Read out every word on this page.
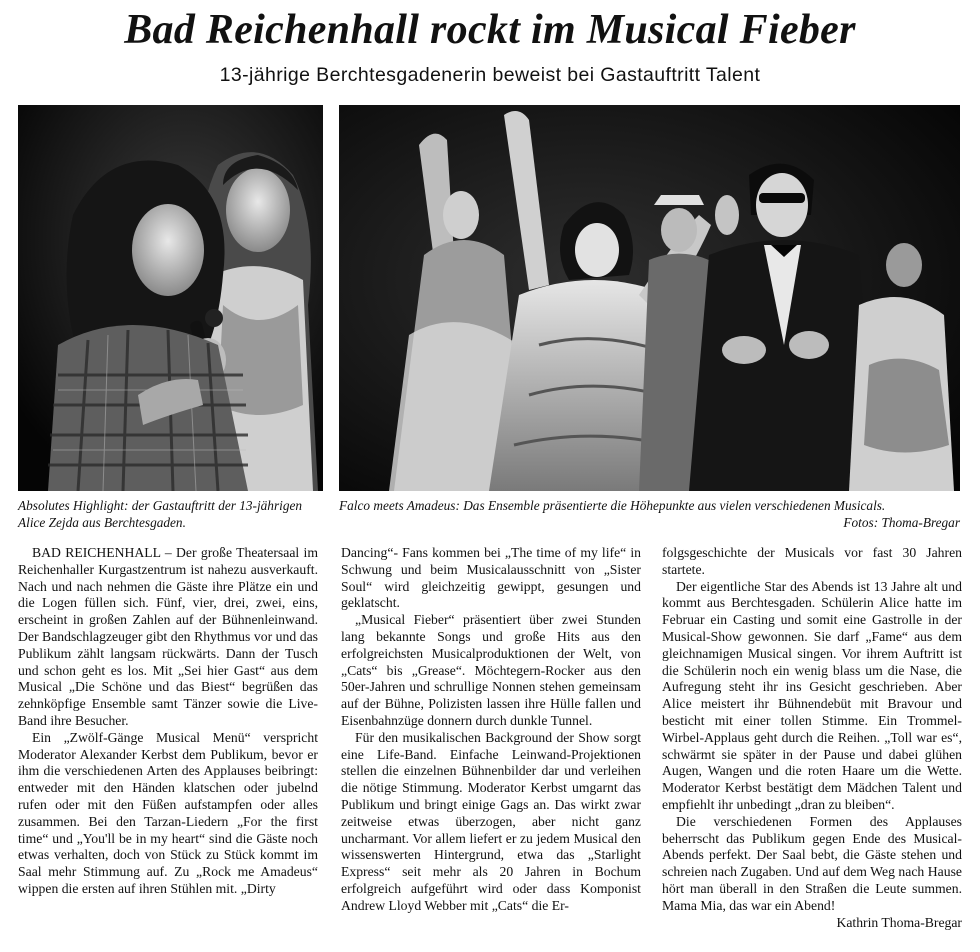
Bad Reichenhall rockt im Musical Fieber
13-jährige Berchtesgadenerin beweist bei Gastauftritt Talent
Absolutes Highlight: der Gastauftritt der 13-jährigen Alice Zejda aus Berchtesgaden.
Falco meets Amadeus: Das Ensemble präsentierte die Höhepunkte aus vielen verschiedenen Musicals.
Fotos: Thoma-Bregar

BAD REICHENHALL – Der große Theatersaal im Reichenhaller Kurgastzentrum ist nahezu ausverkauft. Nach und nach nehmen die Gäste ihre Plätze ein und die Logen füllen sich. Fünf, vier, drei, zwei, eins, erscheint in großen Zahlen auf der Bühnenleinwand. Der Bandschlagzeuger gibt den Rhythmus vor und das Publikum zählt langsam rückwärts. Dann der Tusch und schon geht es los. Mit „Sei hier Gast“ aus dem Musical „Die Schöne und das Biest“ begrüßen das zehnköpfige Ensemble samt Tänzer sowie die Live-Band ihre Besucher.

Ein „Zwölf-Gänge Musical Menü“ verspricht Moderator Alexander Kerbst dem Publikum, bevor er ihm die verschiedenen Arten des Applauses beibringt: entweder mit den Händen klatschen oder jubelnd rufen oder mit den Füßen aufstampfen oder alles zusammen. Bei den Tarzan-Liedern „For the first time“ und „You'll be in my heart“ sind die Gäste noch etwas verhalten, doch von Stück zu Stück kommt im Saal mehr Stimmung auf. Zu „Rock me Amadeus“ wippen die ersten auf ihren Stühlen mit. „Dirty

Dancing“- Fans kommen bei „The time of my life“ in Schwung und beim Musicalausschnitt von „Sister Soul“ wird gleichzeitig gewippt, gesungen und geklatscht.

„Musical Fieber“ präsentiert über zwei Stunden lang bekannte Songs und große Hits aus den erfolgreichsten Musicalproduktionen der Welt, von „Cats“ bis „Grease“. Möchtegern-Rocker aus den 50er-Jahren und schrullige Nonnen stehen gemeinsam auf der Bühne, Polizisten lassen ihre Hülle fallen und Eisenbahnzüge donnern durch dunkle Tunnel.

Für den musikalischen Background der Show sorgt eine Life-Band. Einfache Leinwand-Projektionen stellen die einzelnen Bühnenbilder dar und verleihen die nötige Stimmung. Moderator Kerbst umgarnt das Publikum und bringt einige Gags an. Das wirkt zwar zeitweise etwas überzogen, aber nicht ganz uncharmant. Vor allem liefert er zu jedem Musical den wissenswerten Hintergrund, etwa das „Starlight Express“ seit mehr als 20 Jahren in Bochum erfolgreich aufgeführt wird oder dass Komponist Andrew Lloyd Webber mit „Cats“ die Er-

folgsgeschichte der Musicals vor fast 30 Jahren startete.

Der eigentliche Star des Abends ist 13 Jahre alt und kommt aus Berchtesgaden. Schülerin Alice hatte im Februar ein Casting und somit eine Gastrolle in der Musical-Show gewonnen. Sie darf „Fame“ aus dem gleichnamigen Musical singen. Vor ihrem Auftritt ist die Schülerin noch ein wenig blass um die Nase, die Aufregung steht ihr ins Gesicht geschrieben. Aber Alice meistert ihr Bühnendebüt mit Bravour und besticht mit einer tollen Stimme. Ein Trommel-Wirbel-Applaus geht durch die Reihen. „Toll war es“, schwärmt sie später in der Pause und dabei glühen Augen, Wangen und die roten Haare um die Wette. Moderator Kerbst bestätigt dem Mädchen Talent und empfiehlt ihr unbedingt „dran zu bleiben“.

Die verschiedenen Formen des Applauses beherrscht das Publikum gegen Ende des Musical-Abends perfekt. Der Saal bebt, die Gäste stehen und schreien nach Zugaben. Und auf dem Weg nach Hause hört man überall in den Straßen die Leute summen. Mama Mia, das war ein Abend!

Kathrin Thoma-Bregar
